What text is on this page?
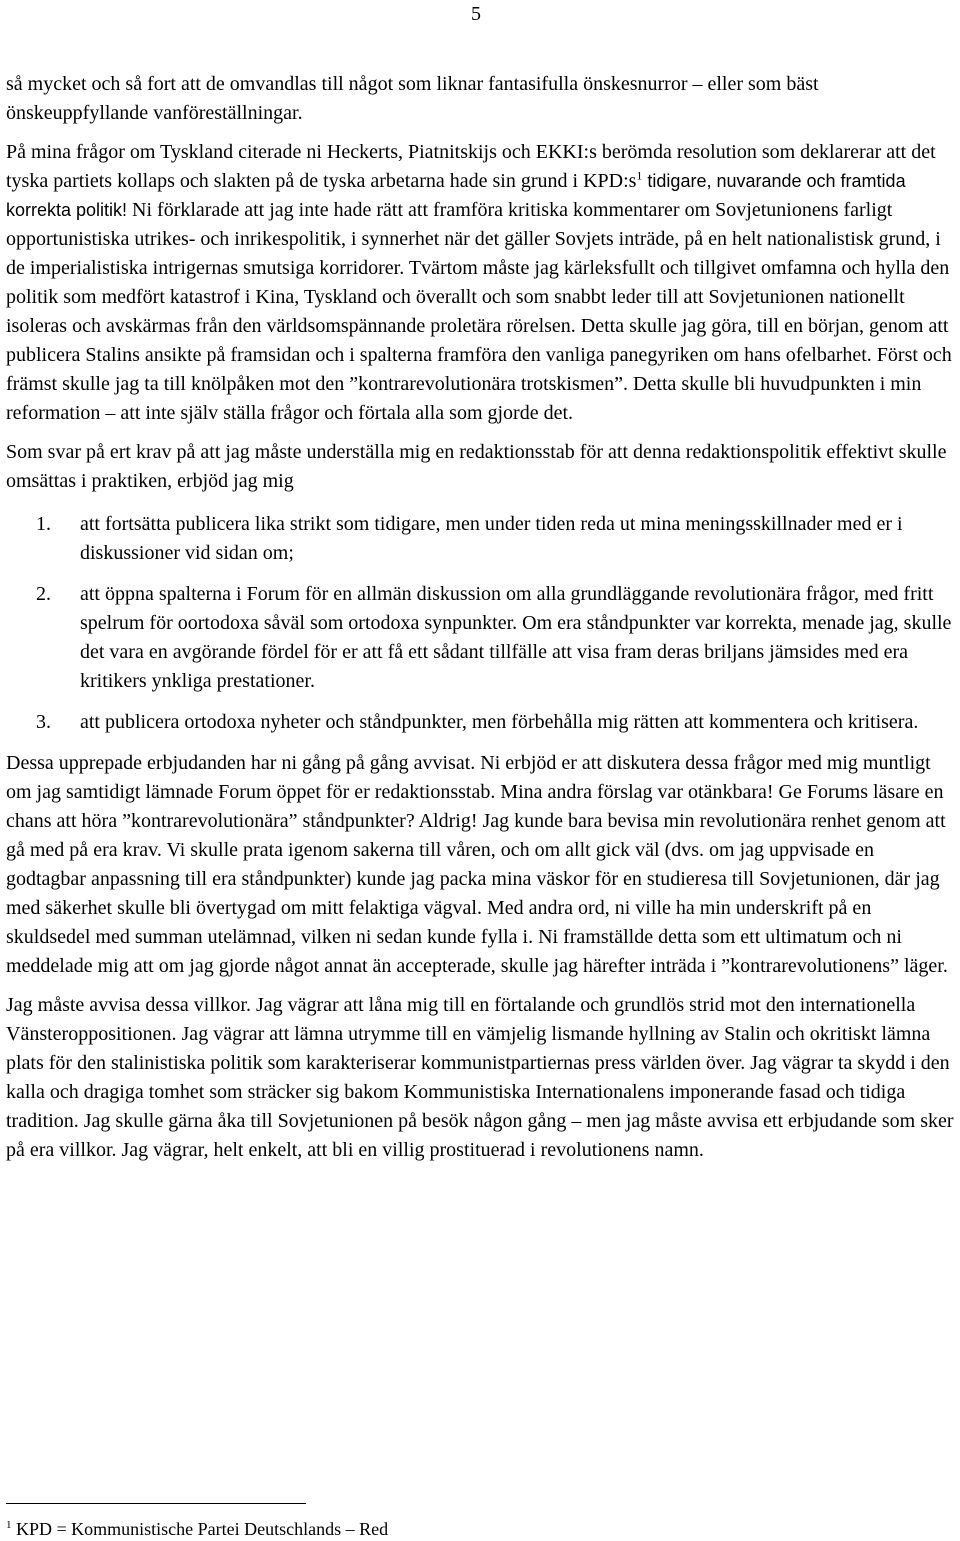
5

så mycket och så fort att de omvandlas till något som liknar fantasifulla önskesnurror – eller som bäst önskeuppfyllande vanföreställningar.

På mina frågor om Tyskland citerade ni Heckerts, Piatnitskijs och EKKI:s berömda resolution som deklarerar att det tyska partiets kollaps och slakten på de tyska arbetarna hade sin grund i $KPD:s^1$ tidigare, nuvarande och framtida korrekta politik! Ni förklarade att jag inte hade rätt att framföra kritiska kommentarer om Sovjetunionens farligt opportunistiska utrikes- och inrikespolitik, i synnerhet när det gäller Sovjets inträde, på en helt nationalistisk grund, i de imperialistiska intrigernas smutsiga korridorer. Tvärtom måste jag kärleksfullt och tillgivet omfamna och hylla den politik som medfört katastrof i Kina, Tyskland och överallt och som snabbt leder till att Sovjetunionen nationellt isoleras och avskärmas från den världsomspännande proletära rörelsen. Detta skulle jag göra, till en början, genom att publicera Stalins ansikte på framsidan och i spalterna framföra den vanliga panegyriken om hans ofelbarhet. Först och främst skulle jag ta till knölpåken mot den ”kontrarevolutionära trotskismen”. Detta skulle bli huvudpunkten i min reformation – att inte själv ställa frågor och förtala alla som gjorde det.

Som svar på ert krav på att jag måste underställa mig en redaktionsstab för att denna redaktionspolitik effektivt skulle omsättas i praktiken, erbjöd jag mig

1. att fortsätta publicera lika strikt som tidigare, men under tiden reda ut mina meningsskillnader med er i diskussioner vid sidan om;
2. att öppna spalterna i Forum för en allmän diskussion om alla grundläggande revolutionära frågor, med fritt spelrum för oortodoxa såväl som ortodoxa synpunkter. Om era ståndpunkter var korrekta, menade jag, skulle det vara en avgörande fördel för er att få ett sådant tillfälle att visa fram deras briljans jämsides med era kritikers ynkliga prestationer.
3. att publicera ortodoxa nyheter och ståndpunkter, men förbehålla mig rätten att kommentera och kritisera.

Dessa upprepade erbjudanden har ni gång på gång avvisat. Ni erbjöd er att diskutera dessa frågor med mig muntligt om jag samtidigt lämnade Forum öppet för er redaktionsstab. Mina andra förslag var otänkbara! Ge Forums läsare en chans att höra ”kontrarevolutionära” ståndpunkter? Aldrig! Jag kunde bara bevisa min revolutionära renhet genom att gå med på era krav. Vi skulle prata igenom sakerna till våren, och om allt gick väl (dvs. om jag uppvisade en godtagbar anpassning till era ståndpunkter) kunde jag packa mina väskor för en studieresa till Sovjetunionen, där jag med säkerhet skulle bli övertygad om mitt felaktiga vägval. Med andra ord, ni ville ha min underskrift på en skuldsedel med summan utelämnad, vilken ni sedan kunde fylla i. Ni framställde detta som ett ultimatum och ni meddelade mig att om jag gjorde något annat än accepterade, skulle jag härefter inträda i ”kontrarevolutionens” läger.

Jag måste avvisa dessa villkor. Jag vägrar att låna mig till en förtalande och grundlös strid mot den internationella Vänsteroppositionen. Jag vägrar att lämna utrymme till en vämjelig lismande hyllning av Stalin och okritiskt lämna plats för den stalinistiska politik som karakteriserar kommunistpartiernas press världen över. Jag vägrar ta skydd i den kalla och dragiga tomhet som sträcker sig bakom Kommunistiska Internationalens imponerande fasad och tidiga tradition. Jag skulle gärna åka till Sovjetunionen på besök någon gång – men jag måste avvisa ett erbjudande som sker på era villkor. Jag vägrar, helt enkelt, att bli en villig prostituerad i revolutionens namn.

$^1$ KPD = Kommunistische Partei Deutschlands – Red
